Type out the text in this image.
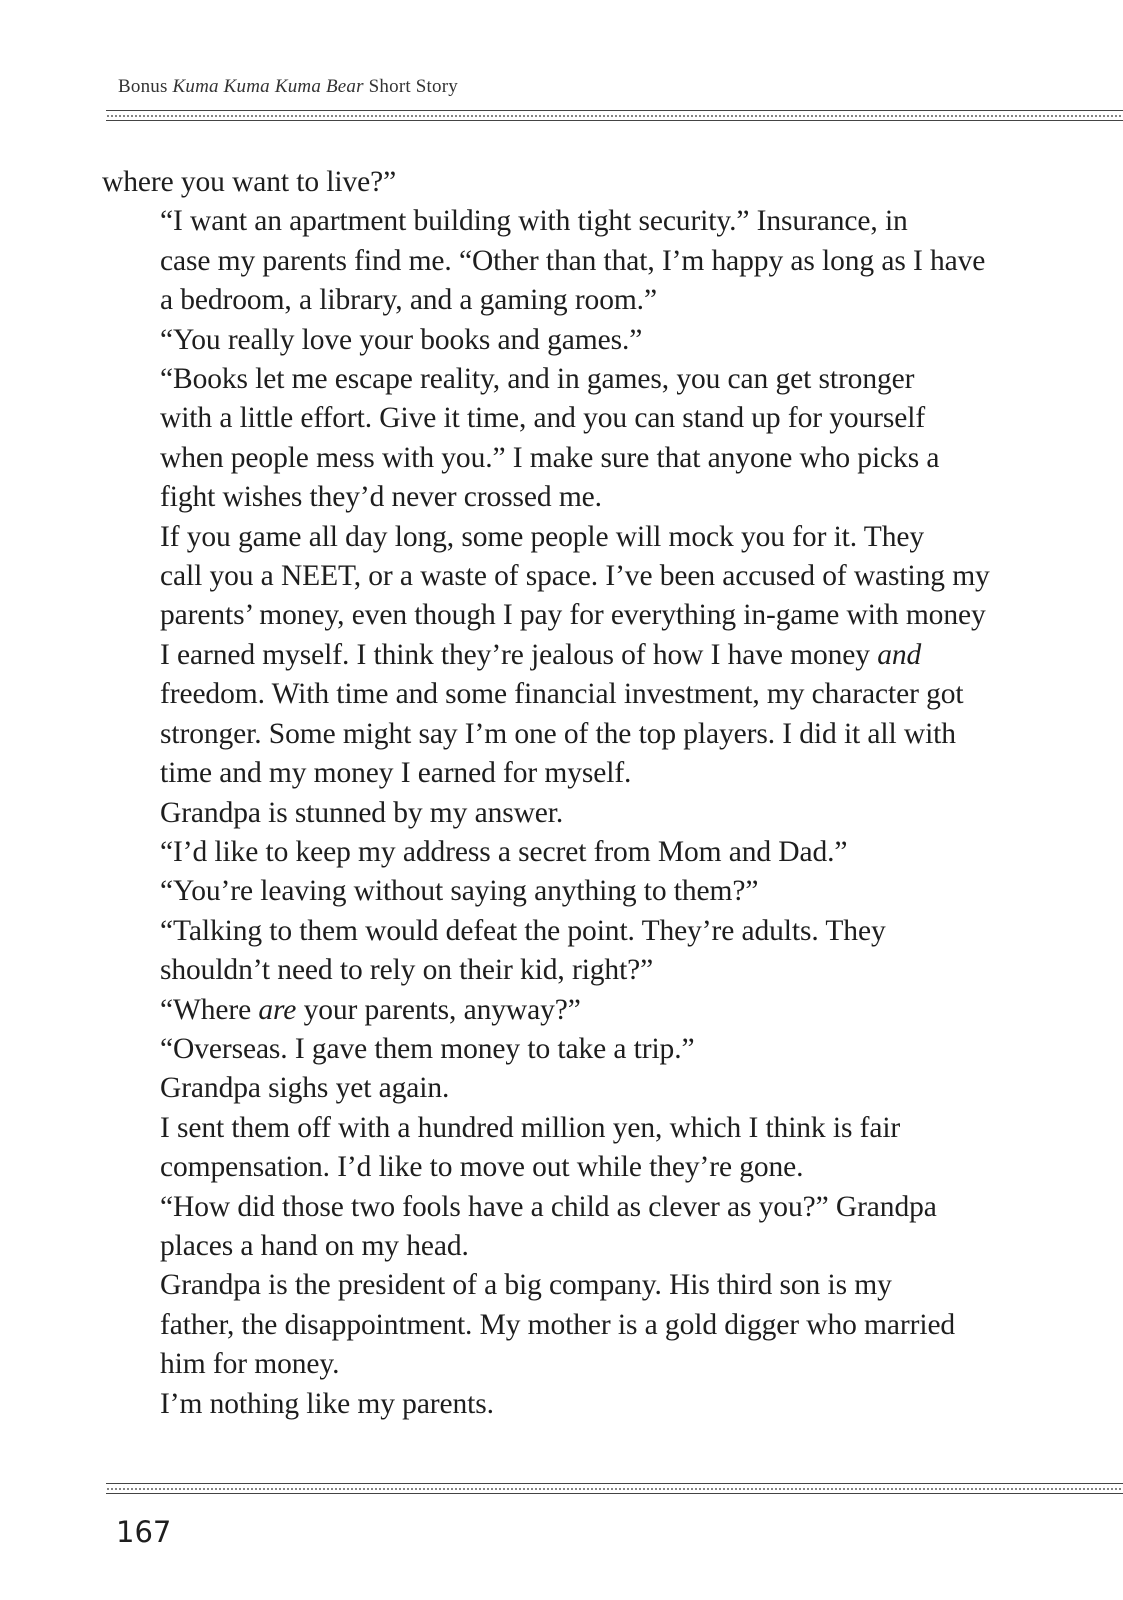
Bonus Kuma Kuma Kuma Bear Short Story

where you want to live?”

“I want an apartment building with tight security.” Insurance, in
case my parents find me. “Other than that, I’m happy as long as I have
a bedroom, a library, and a gaming room.”

“You really love your books and games.”

“Books let me escape reality, and in games, you can get stronger
with a little effort. Give it time, and you can stand up for yourself
when people mess with you.” I make sure that anyone who picks a
fight wishes they’d never crossed me.

If you game all day long, some people will mock you for it. They
call you a NEET, or a waste of space. I’ve been accused of wasting my
parents’ money, even though I pay for everything in-game with money
I earned myself. I think they’re jealous of how I have money and
freedom. With time and some financial investment, my character got
stronger. Some might say I’m one of the top players. I did it all with
time and my money I earned for myself.

Grandpa is stunned by my answer.

“I’d like to keep my address a secret from Mom and Dad.”

“You’re leaving without saying anything to them?”

“Talking to them would defeat the point. They’re adults. They
shouldn’t need to rely on their kid, right?”

“Where are your parents, anyway?”

“Overseas. I gave them money to take a trip.”

Grandpa sighs yet again.

I sent them off with a hundred million yen, which I think is fair
compensation. I’d like to move out while they’re gone.

“How did those two fools have a child as clever as you?” Grandpa
places a hand on my head.

Grandpa is the president of a big company. His third son is my
father, the disappointment. My mother is a gold digger who married
him for money.

I’m nothing like my parents.

167
